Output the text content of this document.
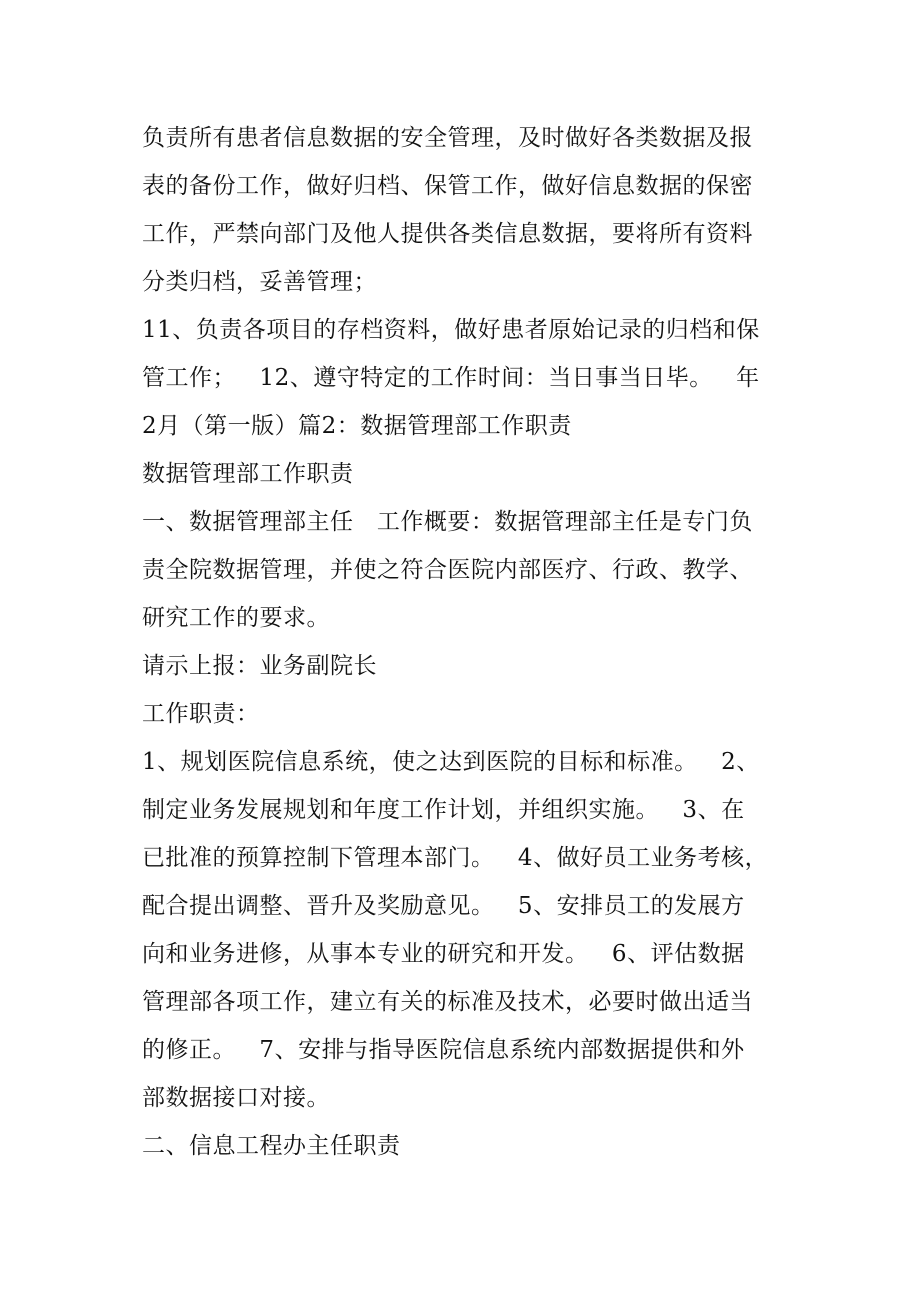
负责所有患者信息数据的安全管理，及时做好各类数据及报
表的备份工作，做好归档、保管工作，做好信息数据的保密
工作，严禁向部门及他人提供各类信息数据，要将所有资料
分类归档，妥善管理；
11、负责各项目的存档资料，做好患者原始记录的归档和保
管工作；   12、遵守特定的工作时间：当日事当日毕。   年
2月（第一版）篇2：数据管理部工作职责
数据管理部工作职责
一、数据管理部主任   工作概要：数据管理部主任是专门负
责全院数据管理，并使之符合医院内部医疗、行政、教学、
研究工作的要求。
请示上报：业务副院长
工作职责：
1、规划医院信息系统，使之达到医院的目标和标准。   2、
制定业务发展规划和年度工作计划，并组织实施。   3、在
已批准的预算控制下管理本部门。   4、做好员工业务考核，
配合提出调整、晋升及奖励意见。   5、安排员工的发展方
向和业务进修，从事本专业的研究和开发。   6、评估数据
管理部各项工作，建立有关的标准及技术，必要时做出适当
的修正。   7、安排与指导医院信息系统内部数据提供和外
部数据接口对接。
二、信息工程办主任职责
